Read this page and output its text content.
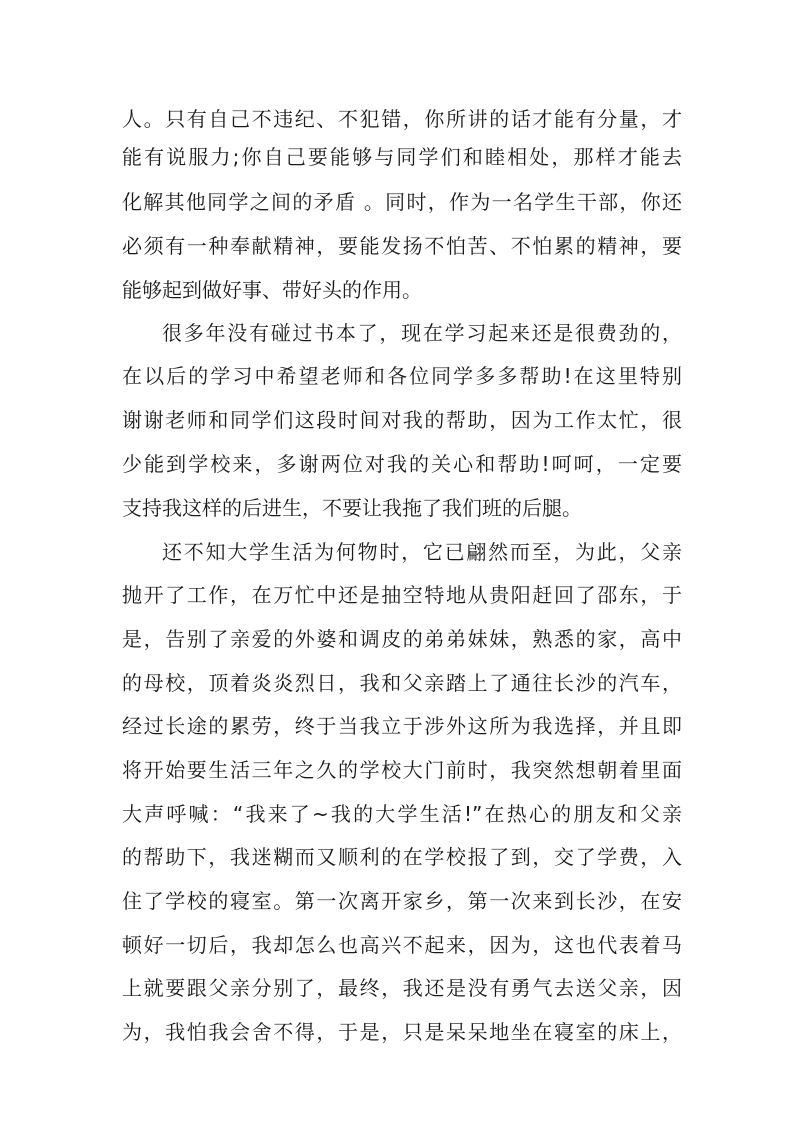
人。只有自己不违纪、不犯错，你所讲的话才能有分量，才
能有说服力;你自己要能够与同学们和睦相处，那样才能去
化解其他同学之间的矛盾 。同时，作为一名学生干部，你还
必须有一种奉献精神，要能发扬不怕苦、不怕累的精神，要
能够起到做好事、带好头的作用。
很多年没有碰过书本了，现在学习起来还是很费劲的，
在以后的学习中希望老师和各位同学多多帮助!在这里特别
谢谢老师和同学们这段时间对我的帮助，因为工作太忙，很
少能到学校来，多谢两位对我的关心和帮助!呵呵，一定要
支持我这样的后进生，不要让我拖了我们班的后腿。
还不知大学生活为何物时，它已翩然而至，为此，父亲
抛开了工作，在万忙中还是抽空特地从贵阳赶回了邵东，于
是，告别了亲爱的外婆和调皮的弟弟妹妹，熟悉的家，高中
的母校，顶着炎炎烈日，我和父亲踏上了通往长沙的汽车，
经过长途的累劳，终于当我立于涉外这所为我选择，并且即
将开始要生活三年之久的学校大门前时，我突然想朝着里面
大声呼喊：“我来了~我的大学生活!”在热心的朋友和父亲
的帮助下，我迷糊而又顺利的在学校报了到，交了学费，入
住了学校的寝室。第一次离开家乡，第一次来到长沙，在安
顿好一切后，我却怎么也高兴不起来，因为，这也代表着马
上就要跟父亲分别了，最终，我还是没有勇气去送父亲，因
为，我怕我会舍不得，于是，只是呆呆地坐在寝室的床上，
